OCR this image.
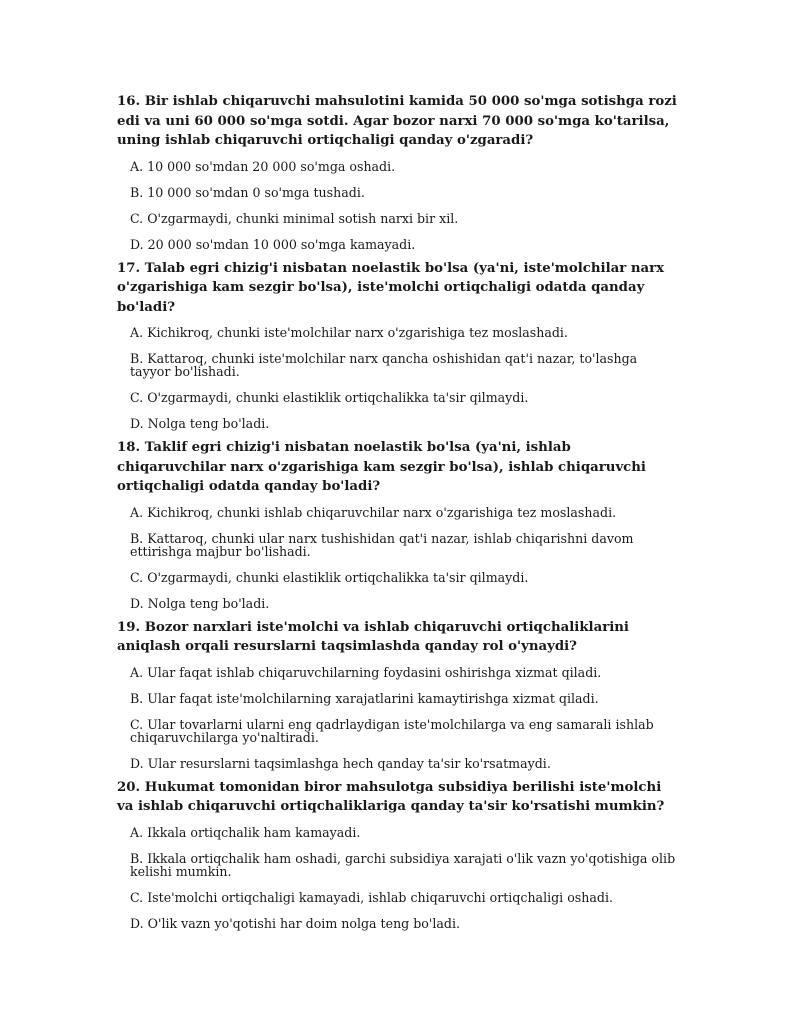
16. Bir ishlab chiqaruvchi mahsulotini kamida 50 000 so'mga sotishga rozi edi va uni 60 000 so'mga sotdi. Agar bozor narxi 70 000 so'mga ko'tarilsa, uning ishlab chiqaruvchi ortiqchaligi qanday o'zgaradi?

A. 10 000 so'mdan 20 000 so'mga oshadi.
B. 10 000 so'mdan 0 so'mga tushadi.
C. O'zgarmaydi, chunki minimal sotish narxi bir xil.
D. 20 000 so'mdan 10 000 so'mga kamayadi.

17. Talab egri chizig'i nisbatan noelastik bo'lsa (ya'ni, iste'molchilar narx o'zgarishiga kam sezgir bo'lsa), iste'molchi ortiqchaligi odatda qanday bo'ladi?

A. Kichikroq, chunki iste'molchilar narx o'zgarishiga tez moslashadi.
B. Kattaroq, chunki iste'molchilar narx qancha oshishidan qat'i nazar, to'lashga tayyor bo'lishadi.
C. O'zgarmaydi, chunki elastiklik ortiqchalikka ta'sir qilmaydi.
D. Nolga teng bo'ladi.

18. Taklif egri chizig'i nisbatan noelastik bo'lsa (ya'ni, ishlab chiqaruvchilar narx o'zgarishiga kam sezgir bo'lsa), ishlab chiqaruvchi ortiqchaligi odatda qanday bo'ladi?

A. Kichikroq, chunki ishlab chiqaruvchilar narx o'zgarishiga tez moslashadi.
B. Kattaroq, chunki ular narx tushishidan qat'i nazar, ishlab chiqarishni davom ettirishga majbur bo'lishadi.
C. O'zgarmaydi, chunki elastiklik ortiqchalikka ta'sir qilmaydi.
D. Nolga teng bo'ladi.

19. Bozor narxlari iste'molchi va ishlab chiqaruvchi ortiqchaliklarini aniqlash orqali resurslarni taqsimlashda qanday rol o'ynaydi?

A. Ular faqat ishlab chiqaruvchilarning foydasini oshirishga xizmat qiladi.
B. Ular faqat iste'molchilarning xarajatlarini kamaytirishga xizmat qiladi.
C. Ular tovarlarni ularni eng qadrlaydigan iste'molchilarga va eng samarali ishlab chiqaruvchilarga yo'naltiradi.
D. Ular resurslarni taqsimlashga hech qanday ta'sir ko'rsatmaydi.

20. Hukumat tomonidan biror mahsulotga subsidiya berilishi iste'molchi va ishlab chiqaruvchi ortiqchaliklariga qanday ta'sir ko'rsatishi mumkin?

A. Ikkala ortiqchalik ham kamayadi.
B. Ikkala ortiqchalik ham oshadi, garchi subsidiya xarajati o'lik vazn yo'qotishiga olib kelishi mumkin.
C. Iste'molchi ortiqchaligi kamayadi, ishlab chiqaruvchi ortiqchaligi oshadi.
D. O'lik vazn yo'qotishi har doim nolga teng bo'ladi.
